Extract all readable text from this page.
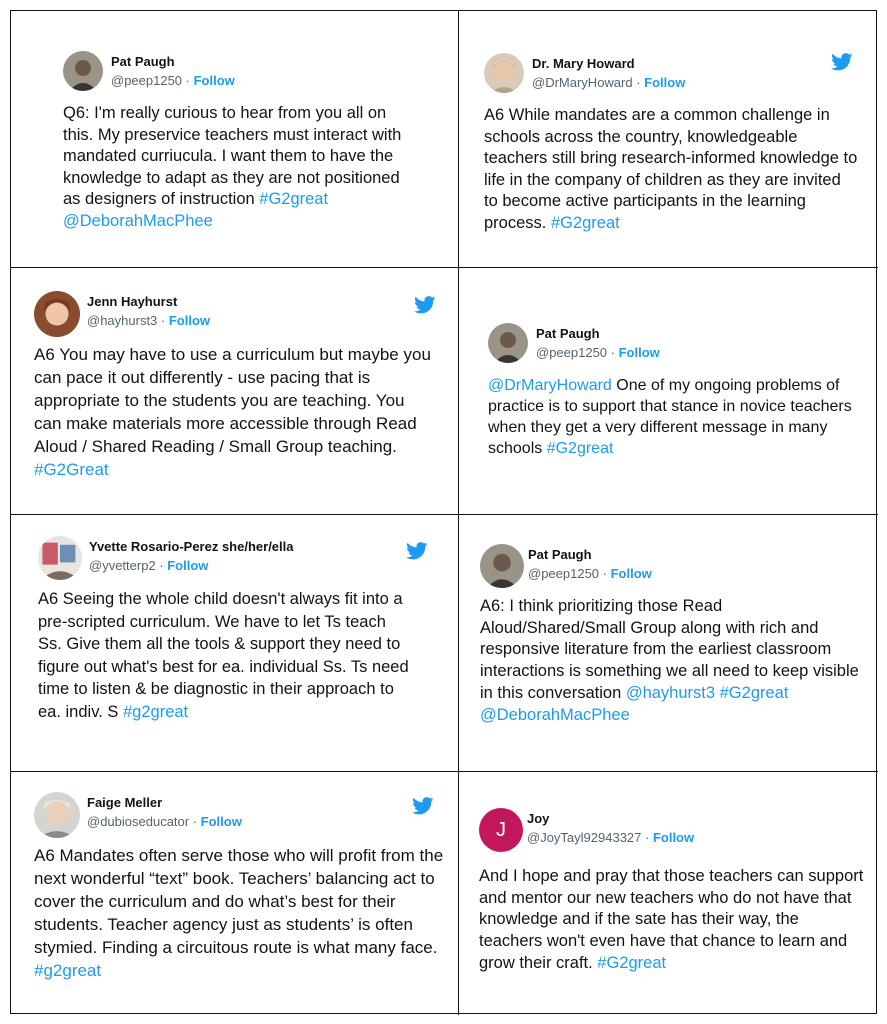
Pat Paugh
@peep1250 · Follow
Q6: I'm really curious to hear from you all on this. My preservice teachers must interact with mandated curriucula. I want them to have the knowledge to adapt as they are not positioned as designers of instruction #G2great @DeborahMacPhee
Dr. Mary Howard
@DrMaryHoward · Follow
A6 While mandates are a common challenge in schools across the country, knowledgeable teachers still bring research-informed knowledge to life in the company of children as they are invited to become active participants in the learning process. #G2great
Jenn Hayhurst
@hayhurst3 · Follow
A6 You may have to use a curriculum but maybe you can pace it out differently - use pacing that is appropriate to the students you are teaching. You can make materials more accessible through Read Aloud / Shared Reading / Small Group teaching. #G2Great
Pat Paugh
@peep1250 · Follow
@DrMaryHoward One of my ongoing problems of practice is to support that stance in novice teachers when they get a very different message in many schools #G2great
Yvette Rosario-Perez she/her/ella
@yvetterp2 · Follow
A6 Seeing the whole child doesn't always fit into a pre-scripted curriculum. We have to let Ts teach Ss. Give them all the tools & support they need to figure out what's best for ea. individual Ss. Ts need time to listen & be diagnostic in their approach to ea. indiv. S #g2great
Pat Paugh
@peep1250 · Follow
A6: I think prioritizing those Read Aloud/Shared/Small Group along with rich and responsive literature from the earliest classroom interactions is something we all need to keep visible in this conversation @hayhurst3 #G2great @DeborahMacPhee
Faige Meller
@dubioseducator · Follow
A6 Mandates often serve those who will profit from the next wonderful “text” book. Teachers’ balancing act to cover the curriculum and do what’s best for their students. Teacher agency just as students’ is often stymied. Finding a circuitous route is what many face. #g2great
J	Joy
@JoyTayl92943327 · Follow
And I hope and pray that those teachers can support and mentor our new teachers who do not have that knowledge and if the sate has their way, the teachers won't even have that chance to learn and grow their craft. #G2great
